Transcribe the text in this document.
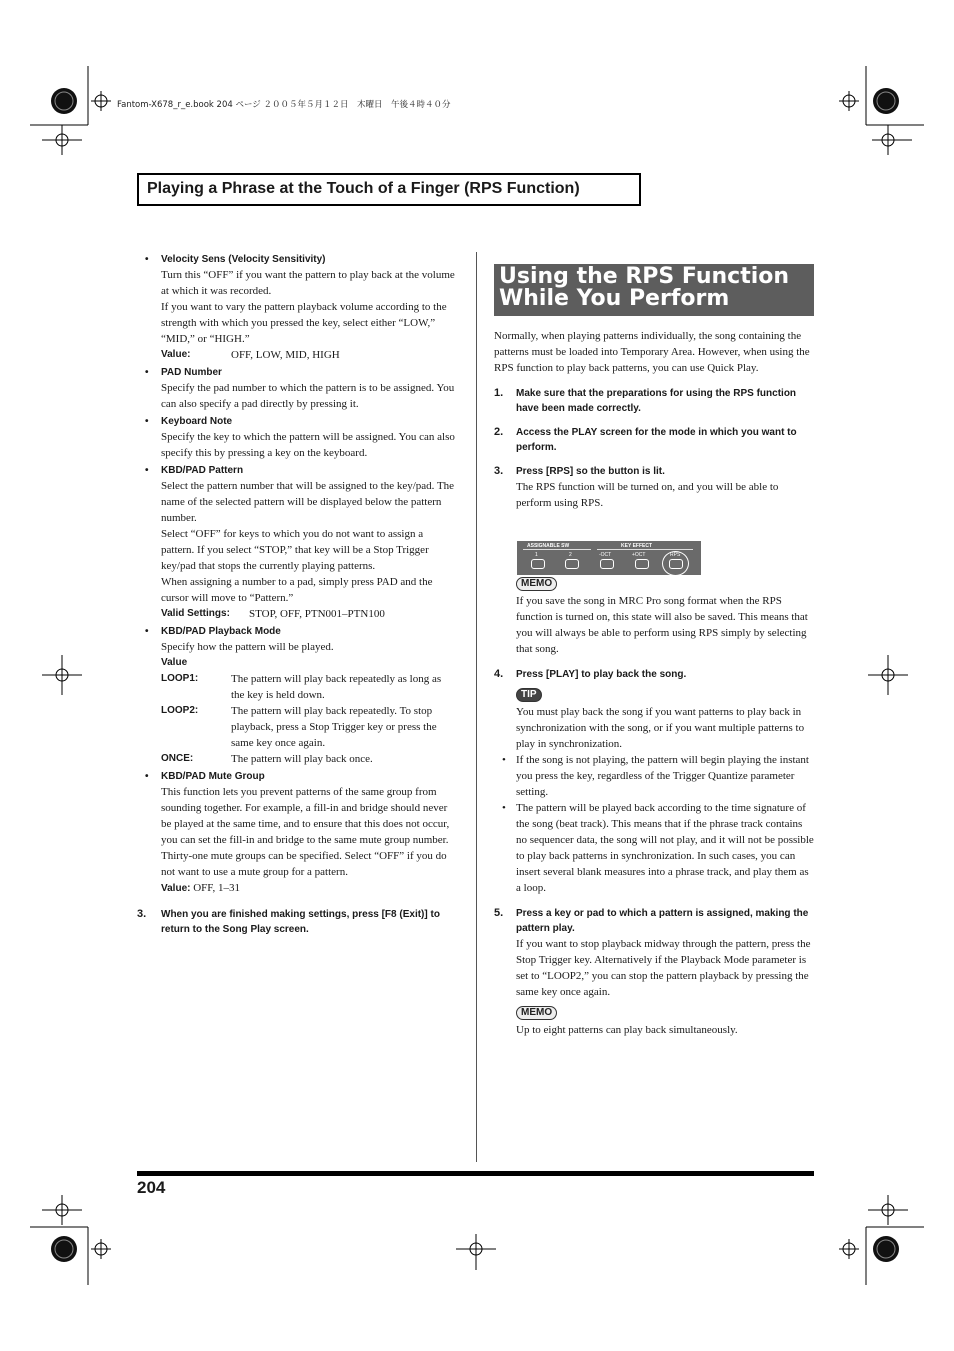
Fantom-X678_r_e.book 204 ページ ２００５年５月１２日　木曜日　午後４時４０分
Playing a Phrase at the Touch of a Finger (RPS Function)
• Velocity Sens (Velocity Sensitivity)

Turn this “OFF” if you want the pattern to play back at the volume at which it was recorded.

If you want to vary the pattern playback volume according to the strength with which you pressed the key, select either “LOW,” “MID,” or “HIGH.”

Value:	OFF, LOW, MID, HIGH
• PAD Number

Specify the pad number to which the pattern is to be assigned. You can also specify a pad directly by pressing it.

• Keyboard Note

Specify the key to which the pattern will be assigned. You can also specify this by pressing a key on the keyboard.

• KBD/PAD Pattern

Select the pattern number that will be assigned to the key/pad. The name of the selected pattern will be displayed below the pattern number.

Select “OFF” for keys to which you do not want to assign a pattern. If you select “STOP,” that key will be a Stop Trigger key/pad that stops the currently playing patterns.

When assigning a number to a pad, simply press PAD and the cursor will move to “Pattern.”

Valid Settings:	STOP, OFF, PTN001–PTN100
• KBD/PAD Playback Mode

Specify how the pattern will be played.

Value

LOOP1:	The pattern will play back repeatedly as long as the key is held down.
LOOP2:	The pattern will play back repeatedly. To stop playback, press a Stop Trigger key or press the same key once again.
ONCE:	The pattern will play back once.
• KBD/PAD Mute Group

This function lets you prevent patterns of the same group from sounding together. For example, a fill-in and bridge should never be played at the same time, and to ensure that this does not occur, you can set the fill-in and bridge to the same mute group number.

Thirty-one mute groups can be specified. Select “OFF” if you do not want to use a mute group for a pattern.

Value: OFF, 1–31
3. When you are finished making settings, press [F8 (Exit)] to return to the Song Play screen.
Using the RPS Function While You Perform

Normally, when playing patterns individually, the song containing the patterns must be loaded into Temporary Area. However, when using the RPS function to play back patterns, you can use Quick Play.

1. Make sure that the preparations for using the RPS function have been made correctly.
2. Access the PLAY screen for the mode in which you want to perform.
3. Press [RPS] so the button is lit.

The RPS function will be turned on, and you will be able to perform using RPS.

MEMO

If you save the song in MRC Pro song format when the RPS function is turned on, this state will also be saved. This means that you will always be able to perform using RPS simply by selecting that song.

4. Press [PLAY] to play back the song.
TIP

You must play back the song if you want patterns to play back in synchronization with the song, or if you want multiple patterns to play in synchronization.

• If the song is not playing, the pattern will begin playing the instant you press the key, regardless of the Trigger Quantize parameter setting.

• The pattern will be played back according to the time signature of the song (beat track). This means that if the phrase track contains no sequencer data, the song will not play, and it will not be possible to play back patterns in synchronization. In such cases, you can insert several blank measures into a phrase track, and play them as a loop.

5. Press a key or pad to which a pattern is assigned, making the pattern play.

If you want to stop playback midway through the pattern, press the Stop Trigger key. Alternatively if the Playback Mode parameter is set to “LOOP2,” you can stop the pattern playback by pressing the same key once again.

MEMO

Up to eight patterns can play back simultaneously.

ASSIGNABLE SW	KEY EFFECT
1	2	-OCT	+OCT	RPS
204
